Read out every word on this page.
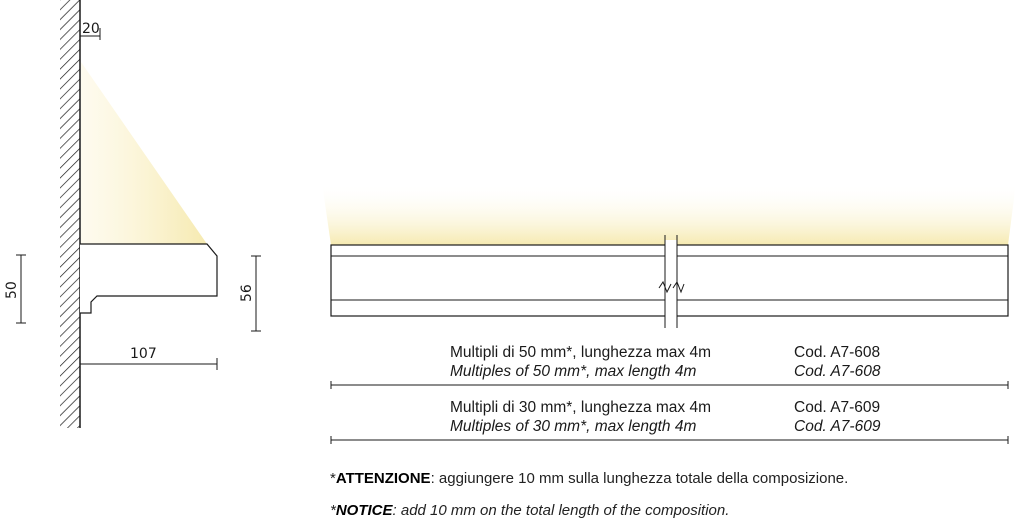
20
50	56
107	Multipli di 50 mm*, lunghezza max 4m	Cod. A7-608
Multiples of 50 mm*, max length 4m	Cod. A7-608
Multipli di 30 mm*, lunghezza max 4m	Cod. A7-609
Multiples of 30 mm*, max length 4m	Cod. A7-609
*ATTENZIONE: aggiungere 10 mm sulla lunghezza totale della composizione.
*NOTICE: add 10 mm on the total length of the composition.
